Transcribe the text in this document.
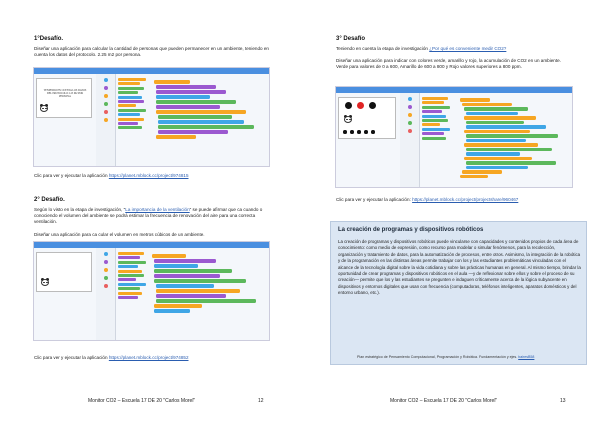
1°Desafío.
Diseñar una aplicación para calcular la cantidad de personas que pueden permanecer en un ambiente, teniendo en cuenta los datos del protocolo. 2.25 m2 por persona.
TENIENDO EN CUENTA LOS DATOS DEL PROTOCOLO 2.25 M2 POR PERSONA
Clic para ver y ejecutar la aplicación https://planet.mblock.cc/project/974815
2° Desafío.
Según lo visto en la etapa de investigación, "La importancia de la ventilación" se puede afirmar que ca cuando o conociendo el volumen del ambiente se podrá estimar la frecuencia de renovación del aire para una correcta ventilación.
Diseñar una aplicación para ca cular el volumen en metros cúbicos de un ambiente.
Clic para ver y ejecutar la aplicación https://planet.mblock.cc/project/974852
Monitor CO2 – Escuela 17 DE 20 "Carlos Morel"	12
3° Desafío
Teniendo en cuenta la etapa de investigación ¿Por qué es conveniente medir CO2?
Diseñar una aplicación para indicar con colores verde, amarillo y rojo, la acumulación de CO2 en un ambiente. Verde para valores de 0 a 600, Amarillo de 600 a 800 y Rojo valores superiores a 800 ppm.
Clic para ver y ejecutar la aplicación: https://planet.mblock.cc/project/projectshare/960467
Monitor CO2 – Escuela 17 DE 20 "Carlos Morel"	13
La creación de programas y dispositivos robóticos
La creación de programas y dispositivos robóticos puede vincularse con capacidades y contenidos propios de cada área de conocimiento: como medio de expresión, como recurso para modelar o simular fenómenos, para la recolección, organización y tratamiento de datos, para la automatización de procesos, entre otros. Asimismo, la integración de la robótica y de la programación en las distintas áreas permite trabajar con los y las estudiantes problemáticas vinculadas con el alcance de la tecnología digital sobre la vida cotidiana y sobre las prácticas humanas en general. Al mismo tiempo, brindar la oportunidad de crear programas y dispositivos robóticos en el aula —y de reflexionar sobre ellos y sobre el proceso de su creación— permite que los y las estudiantes se pregunten e indaguen críticamente acerca de la lógica subyacente en dispositivos y entornos digitales que usan con frecuencia (computadoras, teléfonos inteligentes, aparatos domésticos y del entorno urbano, etc.).
Plan estratégico de Pensamiento Computacional, Programación y Robótica. Fundamentación y ejes. bairesB58
